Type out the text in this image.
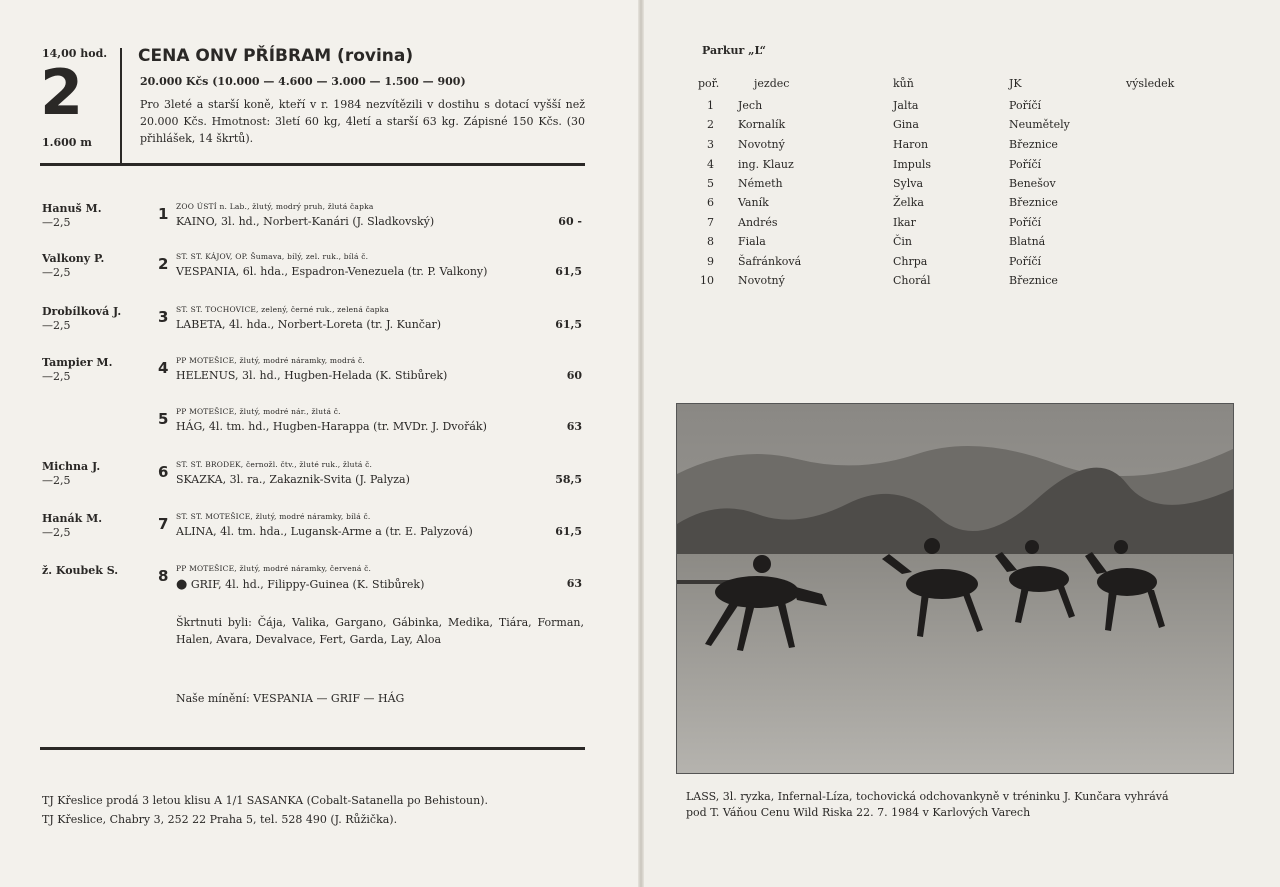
14,00 hod.
2
1.600 m
CENA ONV PŘÍBRAM (rovina)
20.000 Kčs (10.000 — 4.600 — 3.000 — 1.500 — 900)
Pro 3leté a starší koně, kteří v r. 1984 nezvítězili v dostihu s dotací vyšší než 20.000 Kčs. Hmotnost: 3letí 60 kg, 4letí a starší 63 kg. Zápisné 150 Kčs. (30 přihlášek, 14 škrtů).
Hanuš M.
—2,5	1 ZOO ÚSTÍ n. Lab., žlutý, modrý pruh, žlutá čapka
KAINO, 3l. hd., Norbert-Kanári (J. Sladkovský)	60 -
Valkony P.
—2,5	2 ST. ST. KÁJOV, OP. Šumava, bílý, zel. ruk., bílá č.
VESPANIA, 6l. hda., Espadron-Venezuela (tr. P. Valkony)	61,5
Drobílková J.
—2,5	3 ST. ST. TOCHOVICE, zelený, černé ruk., zelená čapka
LABETA, 4l. hda., Norbert-Loreta (tr. J. Kunčar)	61,5
Tampier M.
—2,5	4 PP MOTEŠICE, žlutý, modré náramky, modrá č.
HELENUS, 3l. hd., Hugben-Helada (K. Stibůrek)	60
5 PP MOTEŠICE, žlutý, modré nár., žlutá č.
HÁG, 4l. tm. hd., Hugben-Harappa (tr. MVDr. J. Dvořák)	63
Michna J.
—2,5	6 ST. ST. BRODEK, černožl. čtv., žluté ruk., žlutá č.
SKAZKA, 3l. ra., Zakaznik-Svita (J. Palyza)	58,5
Hanák M.
—2,5	7 ST. ST. MOTEŠICE, žlutý, modré náramky, bílá č.
ALINA, 4l. tm. hda., Lugansk-Arme a (tr. E. Palyzová)	61,5
ž. Koubek S.	8 PP MOTEŠICE, žlutý, modré náramky, červená č.
● GRIF, 4l. hd., Filippy-Guinea (K. Stibůrek)	63
Škrtnuti byli: Čája, Valika, Gargano, Gábinka, Medika, Tiára, Forman, Halen, Avara, Devalvace, Fert, Garda, Lay, Aloa
Naše mínění: VESPANIA — GRIF — HÁG
TJ Křeslice prodá 3 letou klisu A 1/1 SASANKA (Cobalt-Satanella po Behistoun).
TJ Křeslice, Chabry 3, 252 22 Praha 5, tel. 528 490 (J. Růžička).
Parkur „L“
poř.	jezdec	kůň	JK	výsledek
1 Jech	Jalta	Poříčí
2 Kornalík	Gina	Neumětely
3 Novotný	Haron	Březnice
4 ing. Klauz	Impuls	Poříčí
5 Németh	Sylva	Benešov
6 Vaník	Želka	Březnice
7 Andrés	Ikar	Poříčí
8 Fiala	Čin	Blatná
9 Šafránková	Chrpa	Poříčí
10 Novotný	Chorál	Březnice
LASS, 3l. ryzka, Infernal-Líza, tochovická odchovankyně v tréninku J. Kunčara vyhrává
pod T. Váňou Cenu Wild Riska 22. 7. 1984 v Karlových Varech
